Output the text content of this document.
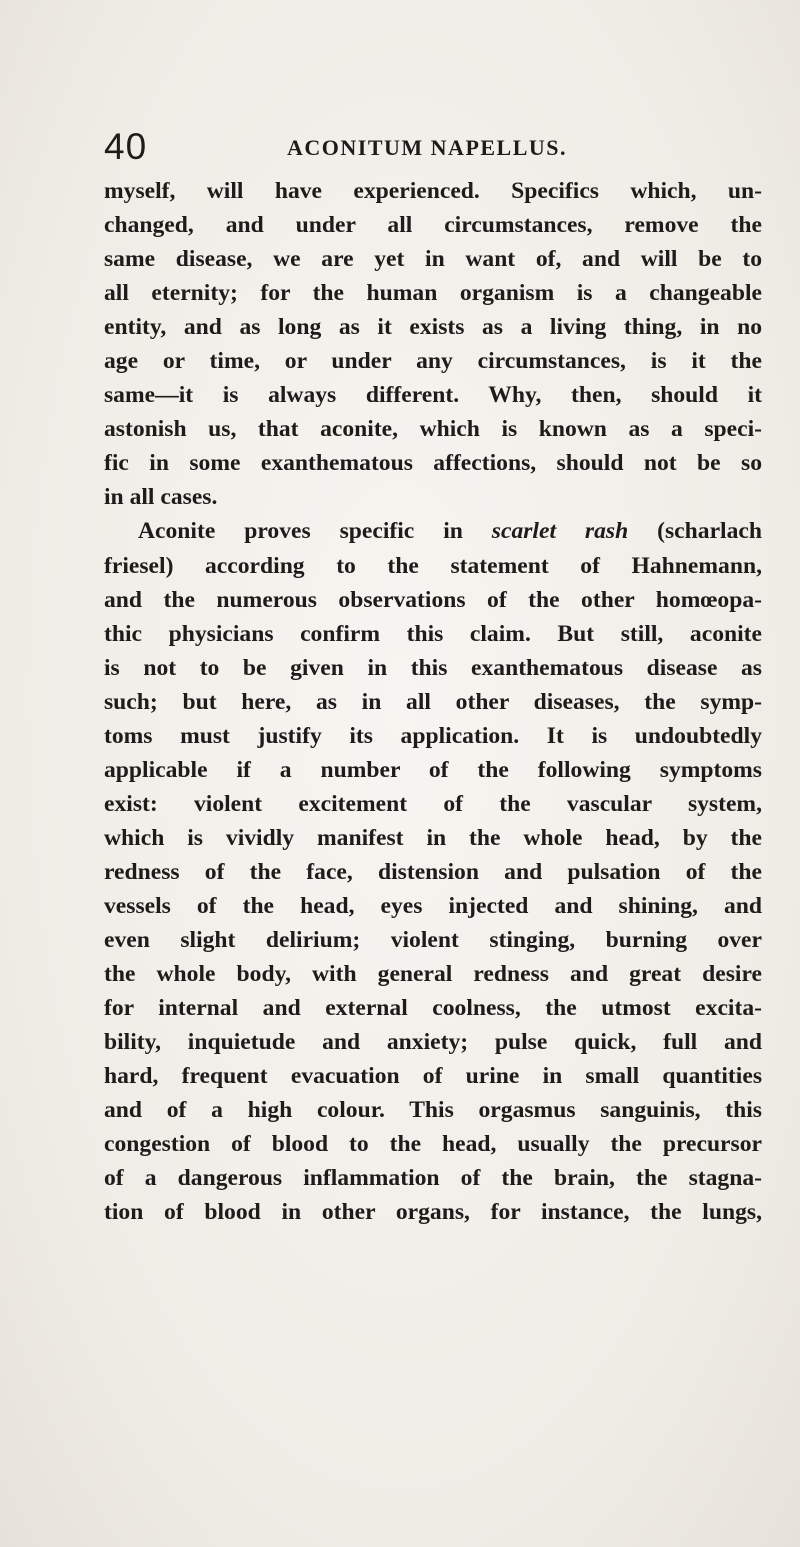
40	ACONITUM NAPELLUS.
myself, will have experienced. Specifics which, un-
changed, and under all circumstances, remove the
same disease, we are yet in want of, and will be to
all eternity; for the human organism is a changeable
entity, and as long as it exists as a living thing, in no
age or time, or under any circumstances, is it the
same—it is always different. Why, then, should it
astonish us, that aconite, which is known as a speci-
fic in some exanthematous affections, should not be so
in all cases.
Aconite proves specific in scarlet rash (scharlach
friesel) according to the statement of Hahnemann,
and the numerous observations of the other homœopa-
thic physicians confirm this claim. But still, aconite
is not to be given in this exanthematous disease as
such; but here, as in all other diseases, the symp-
toms must justify its application. It is undoubtedly
applicable if a number of the following symptoms
exist: violent excitement of the vascular system,
which is vividly manifest in the whole head, by the
redness of the face, distension and pulsation of the
vessels of the head, eyes injected and shining, and
even slight delirium; violent stinging, burning over
the whole body, with general redness and great desire
for internal and external coolness, the utmost excita-
bility, inquietude and anxiety; pulse quick, full and
hard, frequent evacuation of urine in small quantities
and of a high colour. This orgasmus sanguinis, this
congestion of blood to the head, usually the precursor
of a dangerous inflammation of the brain, the stagna-
tion of blood in other organs, for instance, the lungs,
